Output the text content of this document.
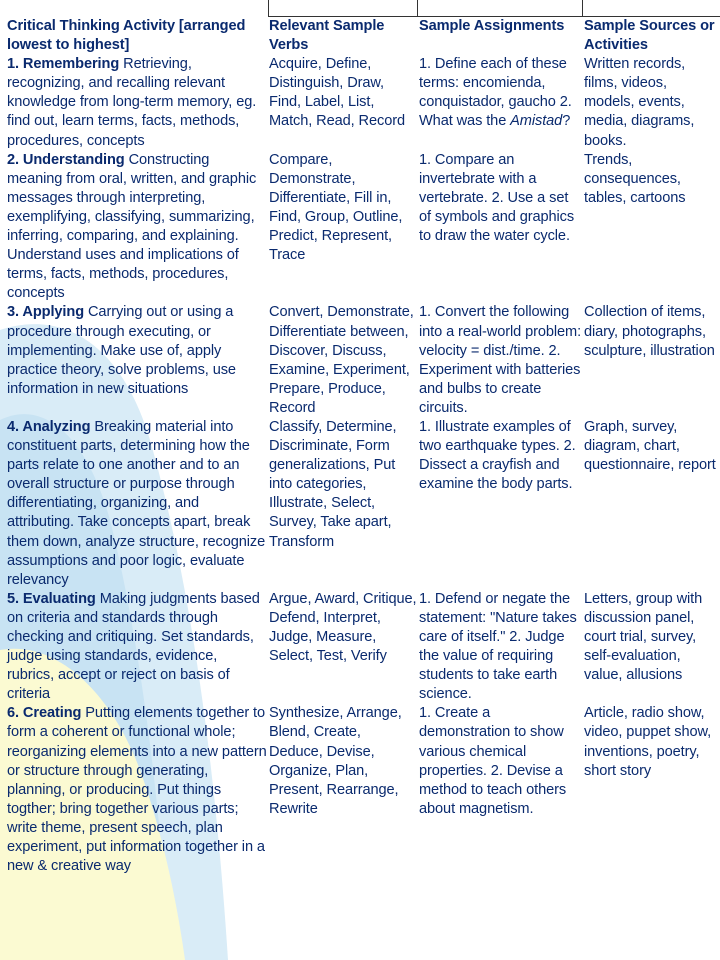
Critical Thinking Activity [arranged lowest to highest]	Relevant Sample Verbs	Sample Assignments	Sample Sources or Activities
1. Remembering Retrieving, recognizing, and recalling relevant knowledge from long-term memory, eg. find out, learn terms, facts, methods, procedures, concepts	Acquire, Define, Distinguish, Draw, Find, Label, List, Match, Read, Record	1. Define each of these terms: encomienda, conquistador, gaucho 2. What was the Amistad?	Written records, films, videos, models, events, media, diagrams, books.
2. Understanding Constructing meaning from oral, written, and graphic messages through interpreting, exemplifying, classifying, summarizing, inferring, comparing, and explaining. Understand uses and implications of terms, facts, methods, procedures, concepts	Compare, Demonstrate, Differentiate, Fill in, Find, Group, Outline, Predict, Represent, Trace	1. Compare an invertebrate with a vertebrate. 2. Use a set of symbols and graphics to draw the water cycle.	Trends, consequences, tables, cartoons
3. Applying Carrying out or using a procedure through executing, or implementing. Make use of, apply practice theory, solve problems, use information in new situations	Convert, Demonstrate, Differentiate between, Discover, Discuss, Examine, Experiment, Prepare, Produce, Record	1. Convert the following into a real-world problem: velocity = dist./time. 2. Experiment with batteries and bulbs to create circuits.	Collection of items, diary, photographs, sculpture, illustration
4. Analyzing Breaking material into constituent parts, determining how the parts relate to one another and to an overall structure or purpose through differentiating, organizing, and attributing. Take concepts apart, break them down, analyze structure, recognize assumptions and poor logic, evaluate relevancy	Classify, Determine, Discriminate, Form generalizations, Put into categories, Illustrate, Select, Survey, Take apart, Transform	1. Illustrate examples of two earthquake types. 2. Dissect a crayfish and examine the body parts.	Graph, survey, diagram, chart, questionnaire, report
5. Evaluating Making judgments based on criteria and standards through checking and critiquing. Set standards, judge using standards, evidence, rubrics, accept or reject on basis of criteria	Argue, Award, Critique, Defend, Interpret, Judge, Measure, Select, Test, Verify	1. Defend or negate the statement: "Nature takes care of itself." 2. Judge the value of requiring students to take earth science.	Letters, group with discussion panel, court trial, survey, self-evaluation, value, allusions
6. Creating Putting elements together to form a coherent or functional whole; reorganizing elements into a new pattern or structure through generating, planning, or producing. Put things togther; bring together various parts; write theme, present speech, plan experiment, put information together in a new & creative way	Synthesize, Arrange, Blend, Create, Deduce, Devise, Organize, Plan, Present, Rearrange, Rewrite	1. Create a demonstration to show various chemical properties. 2. Devise a method to teach others about magnetism.	Article, radio show, video, puppet show, inventions, poetry, short story
